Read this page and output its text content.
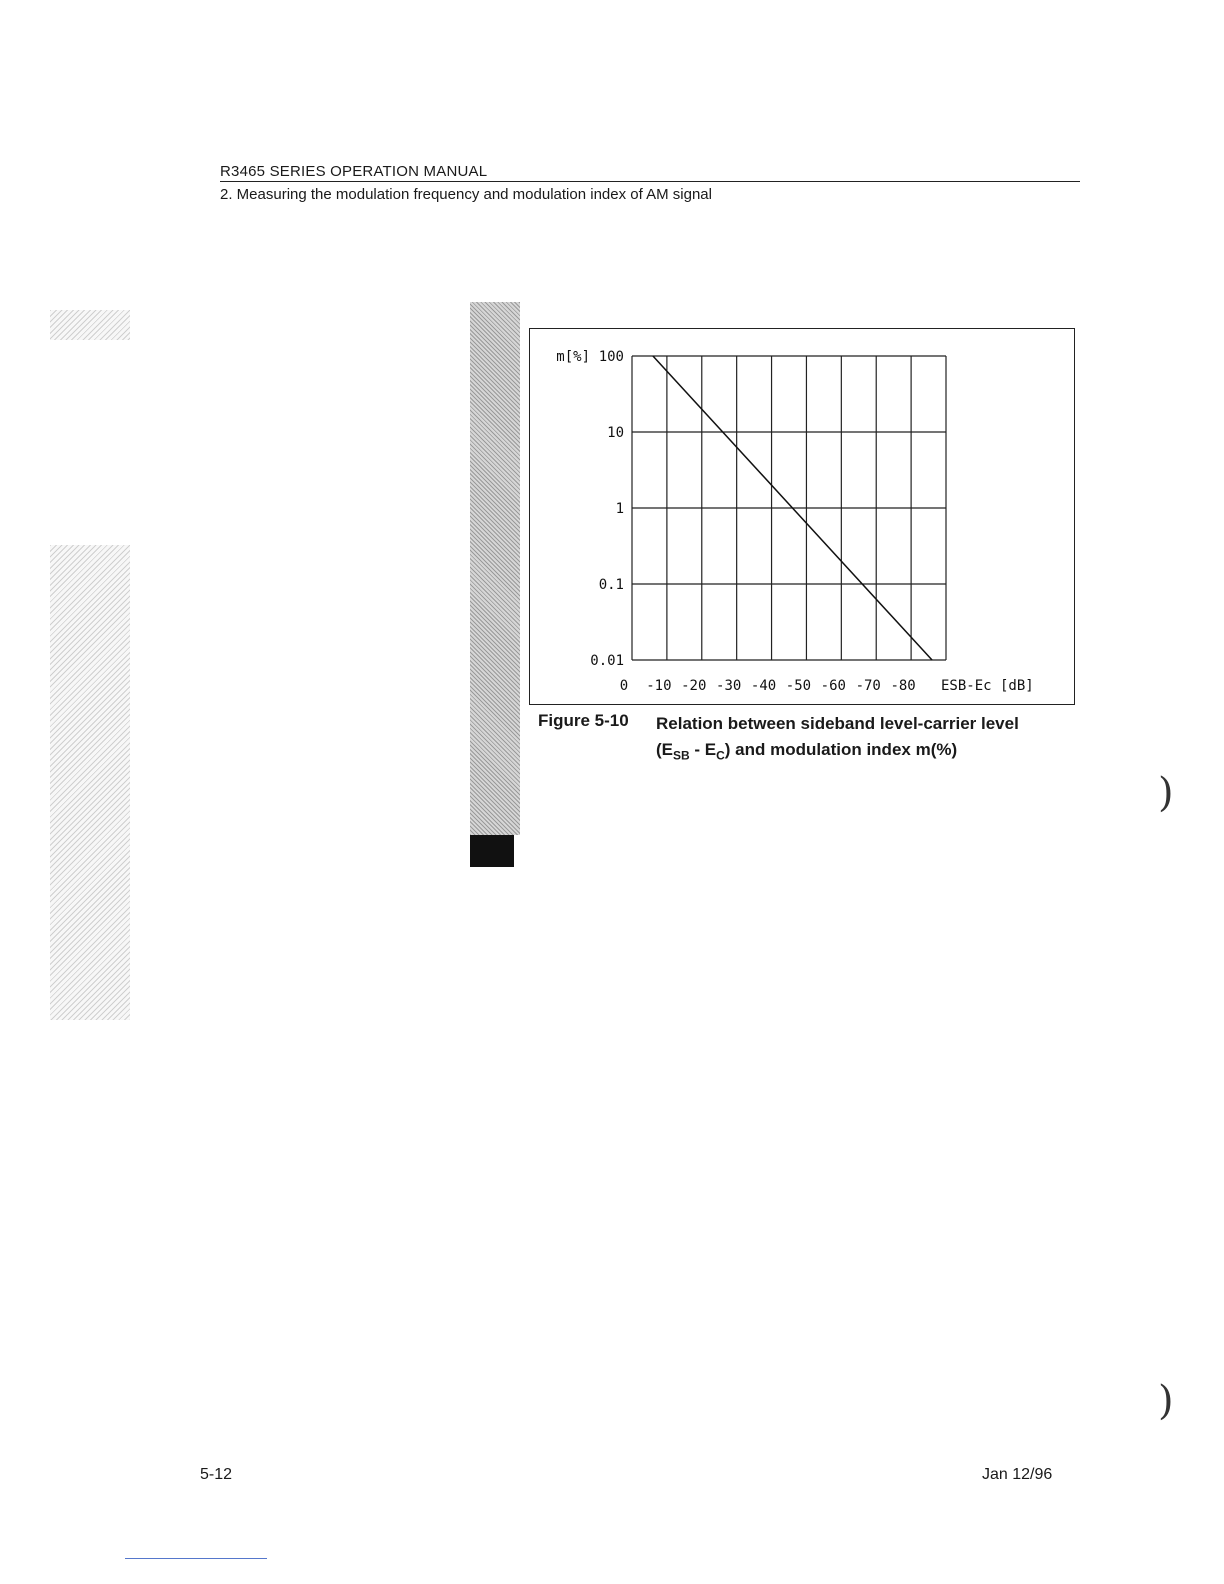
R3465 SERIES OPERATION MANUAL
2. Measuring the modulation frequency and modulation index of AM signal
100
10
1
0.1
0.01
m[%]
0 -10 -20 -30 -40 -50 -60 -70 -80 ESB-Ec [dB]
Figure 5-10 Relation between sideband level-carrier level
$(E_{SB} - E_C)$ and modulation index m(%)
5-12	Jan 12/96
)
)
